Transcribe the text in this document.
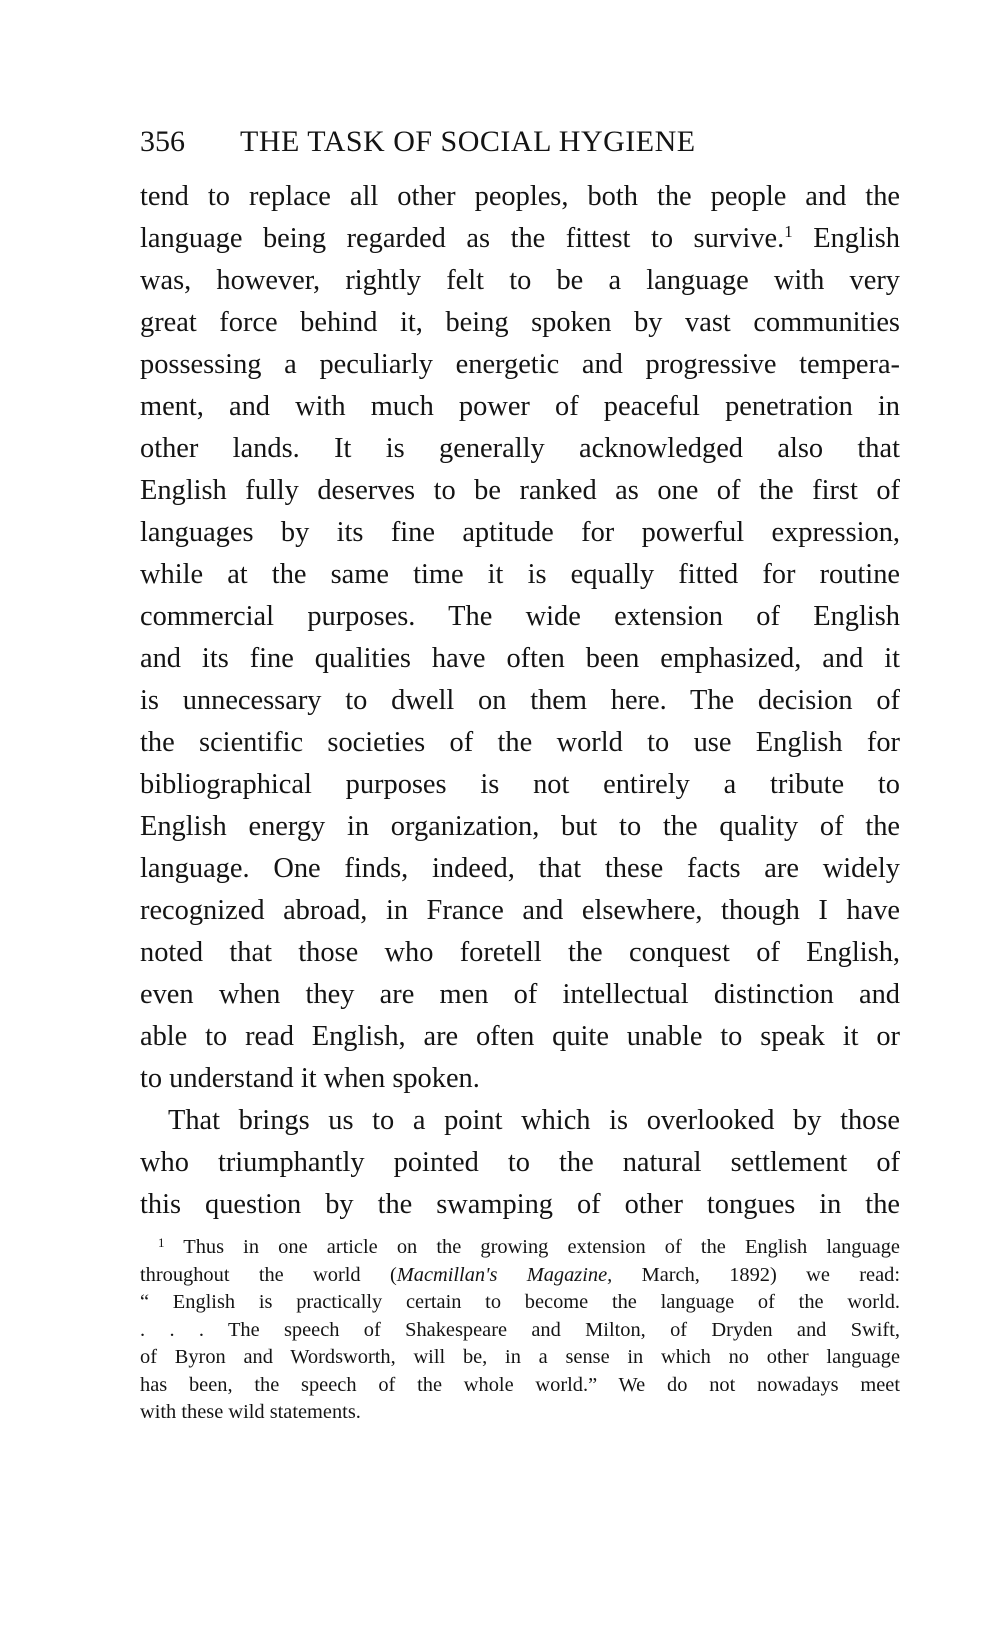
356 THE TASK OF SOCIAL HYGIENE
tend to replace all other peoples, both the people and the
language being regarded as the fittest to survive.$^1$ English
was, however, rightly felt to be a language with very
great force behind it, being spoken by vast communities
possessing a peculiarly energetic and progressive tempera-
ment, and with much power of peaceful penetration in
other lands. It is generally acknowledged also that
English fully deserves to be ranked as one of the first of
languages by its fine aptitude for powerful expression,
while at the same time it is equally fitted for routine
commercial purposes. The wide extension of English
and its fine qualities have often been emphasized, and it
is unnecessary to dwell on them here. The decision of
the scientific societies of the world to use English for
bibliographical purposes is not entirely a tribute to
English energy in organization, but to the quality of the
language. One finds, indeed, that these facts are widely
recognized abroad, in France and elsewhere, though I have
noted that those who foretell the conquest of English,
even when they are men of intellectual distinction and
able to read English, are often quite unable to speak it or
to understand it when spoken.
That brings us to a point which is overlooked by those
who triumphantly pointed to the natural settlement of
this question by the swamping of other tongues in the
$^1$ Thus in one article on the growing extension of the English language
throughout the world (Macmillan's Magazine, March, 1892) we read:
“ English is practically certain to become the language of the world.
. . . The speech of Shakespeare and Milton, of Dryden and Swift,
of Byron and Wordsworth, will be, in a sense in which no other language
has been, the speech of the whole world.” We do not nowadays meet
with these wild statements.
